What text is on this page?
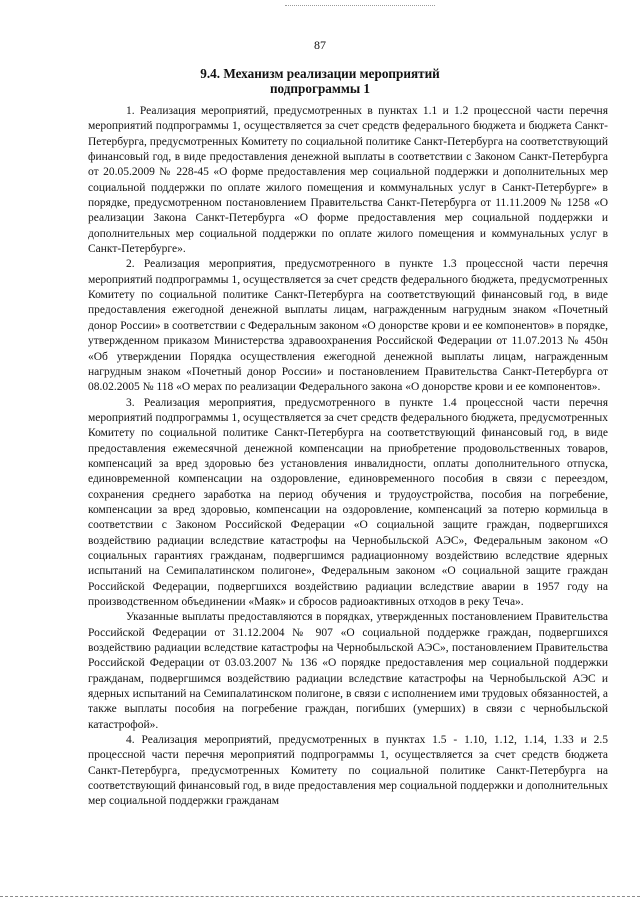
87
9.4. Механизм реализации мероприятий
подпрограммы 1

1. Реализация мероприятий, предусмотренных в пунктах 1.1 и 1.2 процессной части перечня мероприятий подпрограммы 1, осуществляется за счет средств федерального бюджета и бюджета Санкт-Петербурга, предусмотренных Комитету по социальной политике Санкт-Петербурга на соответствующий финансовый год, в виде предоставления денежной выплаты в соответствии с Законом Санкт-Петербурга от 20.05.2009 № 228-45 «О форме предоставления мер социальной поддержки и дополнительных мер социальной поддержки по оплате жилого помещения и коммунальных услуг в Санкт-Петербурге» в порядке, предусмотренном постановлением Правительства Санкт-Петербурга от 11.11.2009 № 1258 «О реализации Закона Санкт-Петербурга «О форме предоставления мер социальной поддержки и дополнительных мер социальной поддержки по оплате жилого помещения и коммунальных услуг в Санкт-Петербурге».

2. Реализация мероприятия, предусмотренного в пункте 1.3 процессной части перечня мероприятий подпрограммы 1, осуществляется за счет средств федерального бюджета, предусмотренных Комитету по социальной политике Санкт-Петербурга на соответствующий финансовый год, в виде предоставления ежегодной денежной выплаты лицам, награжденным нагрудным знаком «Почетный донор России» в соответствии с Федеральным законом «О донорстве крови и ее компонентов» в порядке, утвержденном приказом Министерства здравоохранения Российской Федерации от 11.07.2013 № 450н «Об утверждении Порядка осуществления ежегодной денежной выплаты лицам, награжденным нагрудным знаком «Почетный донор России» и постановлением Правительства Санкт-Петербурга от 08.02.2005 № 118 «О мерах по реализации Федерального закона «О донорстве крови и ее компонентов».

3. Реализация мероприятия, предусмотренного в пункте 1.4 процессной части перечня мероприятий подпрограммы 1, осуществляется за счет средств федерального бюджета, предусмотренных Комитету по социальной политике Санкт-Петербурга на соответствующий финансовый год, в виде предоставления ежемесячной денежной компенсации на приобретение продовольственных товаров, компенсаций за вред здоровью без установления инвалидности, оплаты дополнительного отпуска, единовременной компенсации на оздоровление, единовременного пособия в связи с переездом, сохранения среднего заработка на период обучения и трудоустройства, пособия на погребение, компенсации за вред здоровью, компенсации на оздоровление, компенсаций за потерю кормильца в соответствии с Законом Российской Федерации «О социальной защите граждан, подвергшихся воздействию радиации вследствие катастрофы на Чернобыльской АЭС», Федеральным законом «О социальных гарантиях гражданам, подвергшимся радиационному воздействию вследствие ядерных испытаний на Семипалатинском полигоне», Федеральным законом «О социальной защите граждан Российской Федерации, подвергшихся воздействию радиации вследствие аварии в 1957 году на производственном объединении «Маяк» и сбросов радиоактивных отходов в реку Теча».

Указанные выплаты предоставляются в порядках, утвержденных постановлением Правительства Российской Федерации от 31.12.2004 № 907 «О социальной поддержке граждан, подвергшихся воздействию радиации вследствие катастрофы на Чернобыльской АЭС», постановлением Правительства Российской Федерации от 03.03.2007 № 136 «О порядке предоставления мер социальной поддержки гражданам, подвергшимся воздействию радиации вследствие катастрофы на Чернобыльской АЭС и ядерных испытаний на Семипалатинском полигоне, в связи с исполнением ими трудовых обязанностей, а также выплаты пособия на погребение граждан, погибших (умерших) в связи с чернобыльской катастрофой».

4. Реализация мероприятий, предусмотренных в пунктах 1.5 - 1.10, 1.12, 1.14, 1.33 и 2.5 процессной части перечня мероприятий подпрограммы 1, осуществляется за счет средств бюджета Санкт-Петербурга, предусмотренных Комитету по социальной политике Санкт-Петербурга на соответствующий финансовый год, в виде предоставления мер социальной поддержки и дополнительных мер социальной поддержки гражданам
